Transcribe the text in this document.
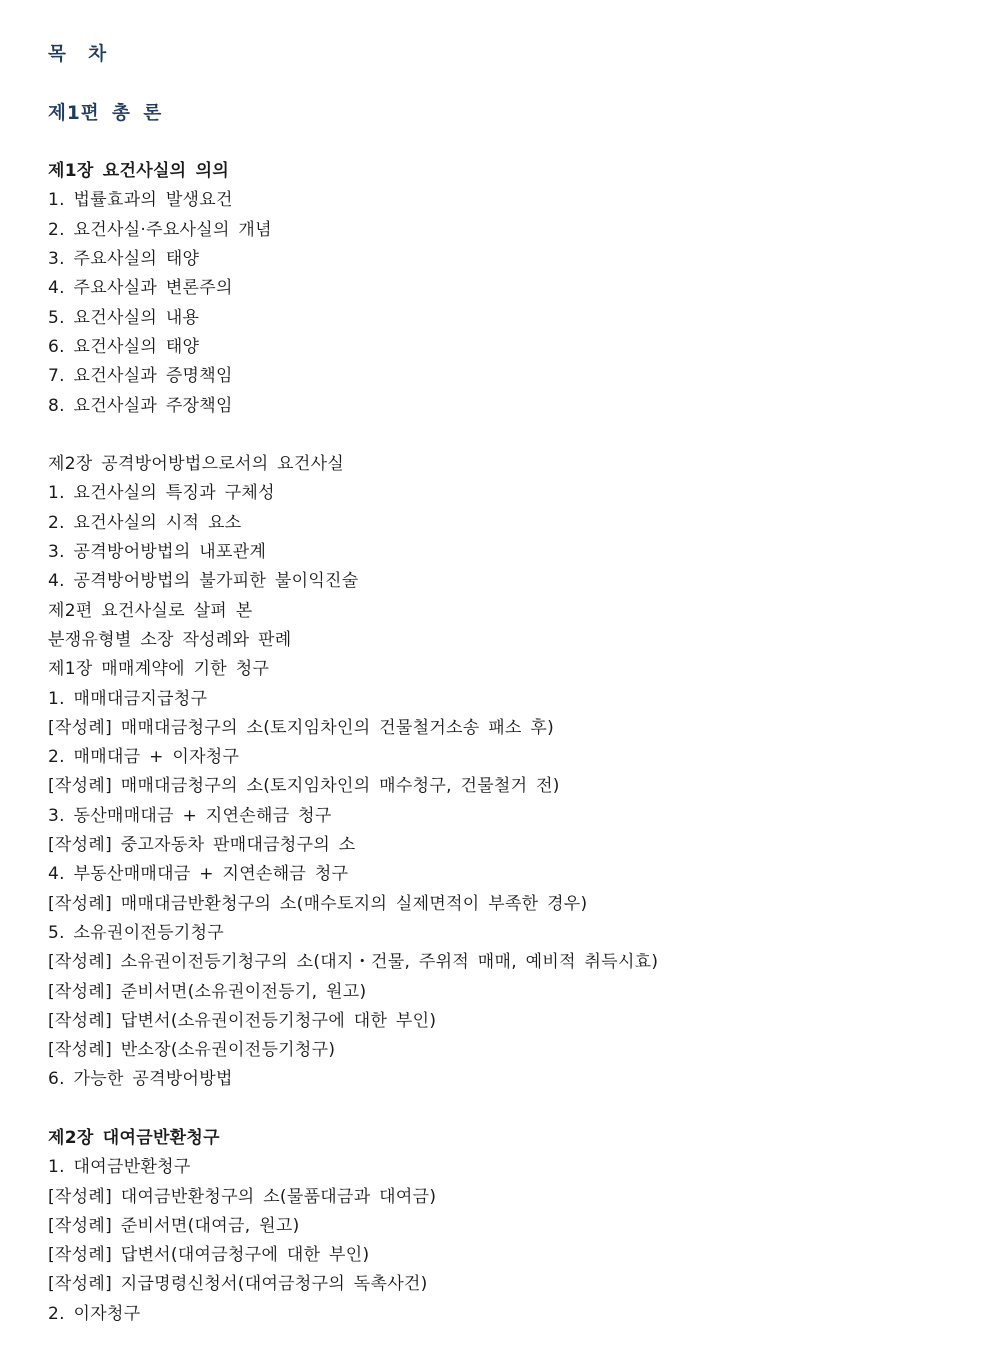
목 차
제1편 총 론
제1장 요건사실의 의의
1. 법률효과의 발생요건
2. 요건사실·주요사실의 개념
3. 주요사실의 태양
4. 주요사실과 변론주의
5. 요건사실의 내용
6. 요건사실의 태양
7. 요건사실과 증명책임
8. 요건사실과 주장책임
제2장 공격방어방법으로서의 요건사실
1. 요건사실의 특징과 구체성
2. 요건사실의 시적 요소
3. 공격방어방법의 내포관계
4. 공격방어방법의 불가피한 불이익진술
제2편 요건사실로 살펴 본
분쟁유형별 소장 작성례와 판례
제1장 매매계약에 기한 청구
1. 매매대금지급청구
[작성례] 매매대금청구의 소(토지임차인의 건물철거소송 패소 후)
2. 매매대금 + 이자청구
[작성례] 매매대금청구의 소(토지임차인의 매수청구, 건물철거 전)
3. 동산매매대금 + 지연손해금 청구
[작성례] 중고자동차 판매대금청구의 소
4. 부동산매매대금 + 지연손해금 청구
[작성례] 매매대금반환청구의 소(매수토지의 실제면적이 부족한 경우)
5. 소유권이전등기청구
[작성례] 소유권이전등기청구의 소(대지・건물, 주위적 매매, 예비적 취득시효)
[작성례] 준비서면(소유권이전등기, 원고)
[작성례] 답변서(소유권이전등기청구에 대한 부인)
[작성례] 반소장(소유권이전등기청구)
6. 가능한 공격방어방법
제2장 대여금반환청구
1. 대여금반환청구
[작성례] 대여금반환청구의 소(물품대금과 대여금)
[작성례] 준비서면(대여금, 원고)
[작성례] 답변서(대여금청구에 대한 부인)
[작성례] 지급명령신청서(대여금청구의 독촉사건)
2. 이자청구
